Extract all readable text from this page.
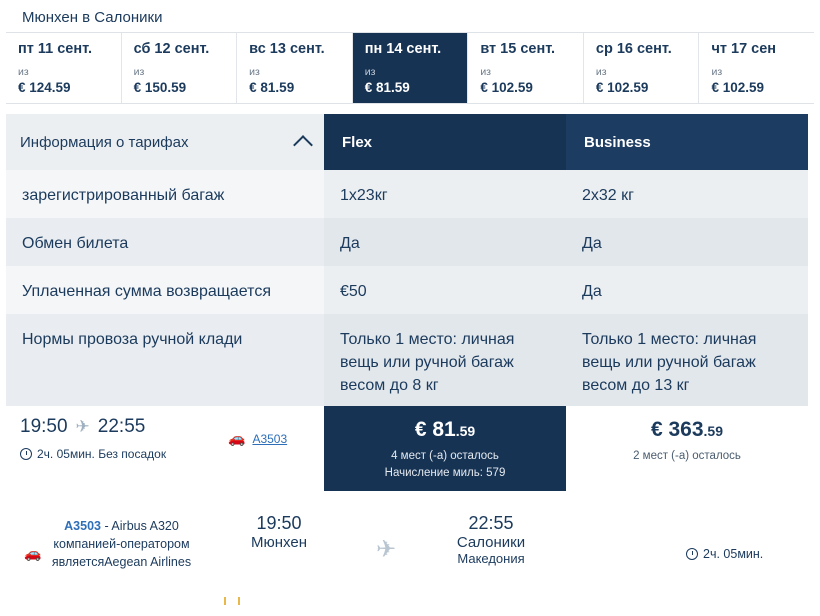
Мюнхен в Салоники
пт 11 сент.
из
€ 124.59
сб 12 сент.
из
€ 150.59
вс 13 сент.
из
€ 81.59
пн 14 сент.
из
€ 81.59
вт 15 сент.
из
€ 102.59
ср 16 сент.
из
€ 102.59
чт 17 сен
из
€ 102.59
Информация о тарифах
зарегистрированный багаж
Обмен билета
Уплаченная сумма возвращается
Нормы провоза ручной клади
Flex
1х23кг
Да
€50
Только 1 место: личная вещь или ручной багаж весом до 8 кг
Business
2х32 кг
Да
Да
Только 1 место: личная вещь или ручной багаж весом до 13 кг
19:50 ✈ 22:55
2ч. 05мин. Без посадок
€ 81.59
4 мест (-а) осталось
Начисление миль: 579
€ 363.59
2 мест (-а) осталось
🚗 A3503
A3503 - Airbus A320
компанией-оператором
являетсяAegean Airlines
🚗
19:50
Мюнхен	✈
22:55
Салоники
Македония	2ч. 05мин.
